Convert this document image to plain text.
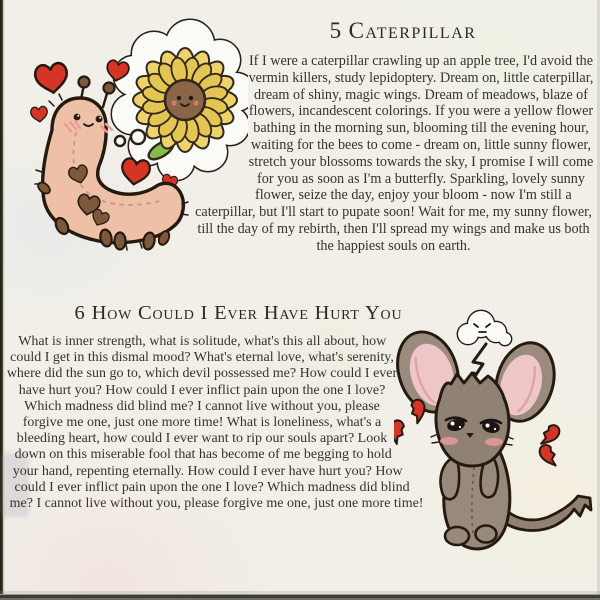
5 Caterpillar

If I were a caterpillar crawling up an apple tree, I'd avoid the vermin killers, study lepidoptery. Dream on, little caterpillar, dream of shiny, magic wings. Dream of meadows, blaze of flowers, incandescent colorings. If you were a yellow flower bathing in the morning sun, blooming till the evening hour, waiting for the bees to come - dream on, little sunny flower, stretch your blossoms towards the sky, I promise I will come for you as soon as I'm a butterfly. Sparkling, lovely sunny flower, seize the day, enjoy your bloom - now I'm still a caterpillar, but I'll start to pupate soon! Wait for me, my sunny flower, till the day of my rebirth, then I'll spread my wings and make us both the happiest souls on earth.

6 How Could I Ever Have Hurt You

What is inner strength, what is solitude, what's this all about, how could I get in this dismal mood? What's eternal love, what's serenity, where did the sun go to, which devil possessed me? How could I ever have hurt you? How could I ever inflict pain upon the one I love? Which madness did blind me? I cannot live without you, please forgive me one, just one more time! What is loneliness, what's a bleeding heart, how could I ever want to rip our souls apart? Look down on this miserable fool that has become of me begging to hold your hand, repenting eternally. How could I ever have hurt you? How could I ever inflict pain upon the one I love? Which madness did blind me? I cannot live without you, please forgive me one, just one more time!
